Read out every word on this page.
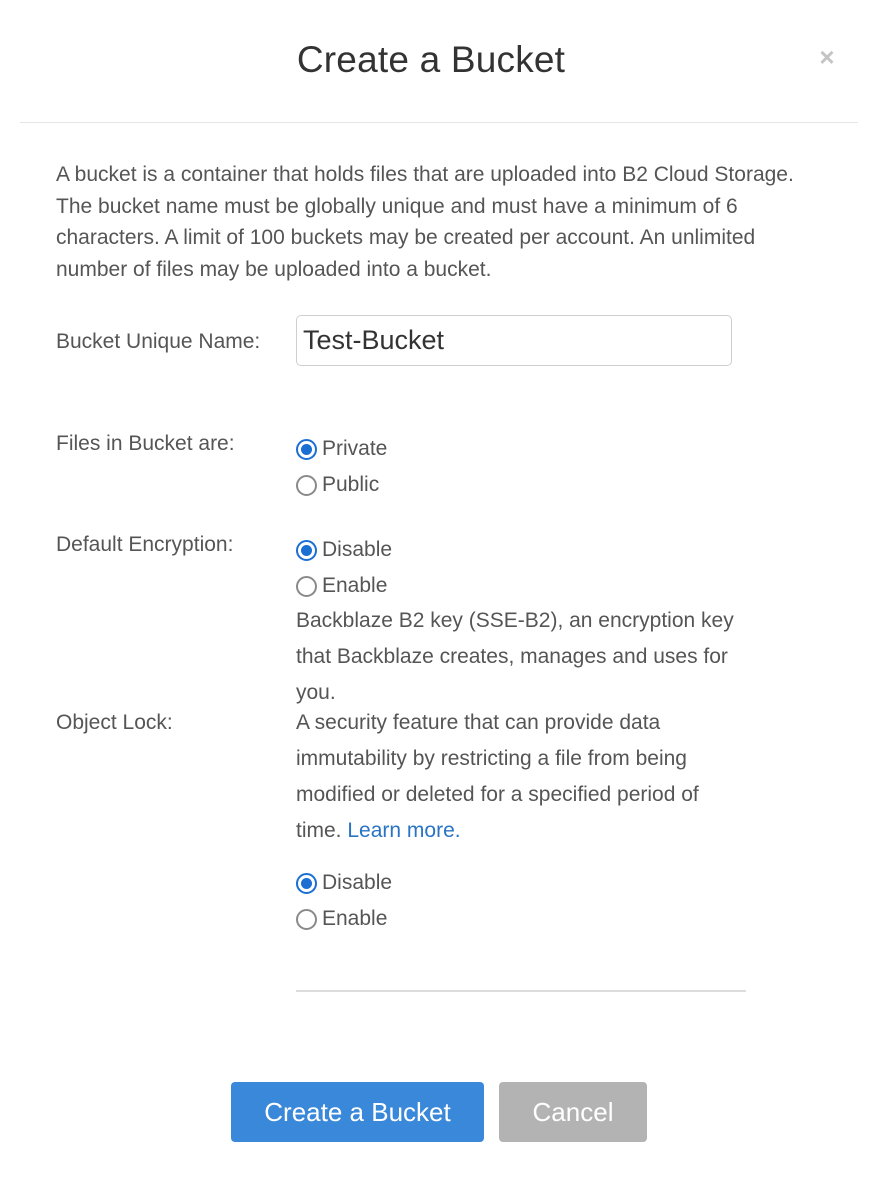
Create a Bucket	×

A bucket is a container that holds files that are uploaded into B2 Cloud Storage. The bucket name must be globally unique and must have a minimum of 6 characters. A limit of 100 buckets may be created per account. An unlimited number of files may be uploaded into a bucket.

Bucket Unique Name:
Test-Bucket
Files in Bucket are:	Private
Public
Default Encryption:	Disable
Enable

Backblaze B2 key (SSE-B2), an encryption key that Backblaze creates, manages and uses for you.

Object Lock:	A security feature that can provide data immutability by restricting a file from being modified or deleted for a specified period of time. Learn more.

Disable
Enable
Create a Bucket	Cancel
